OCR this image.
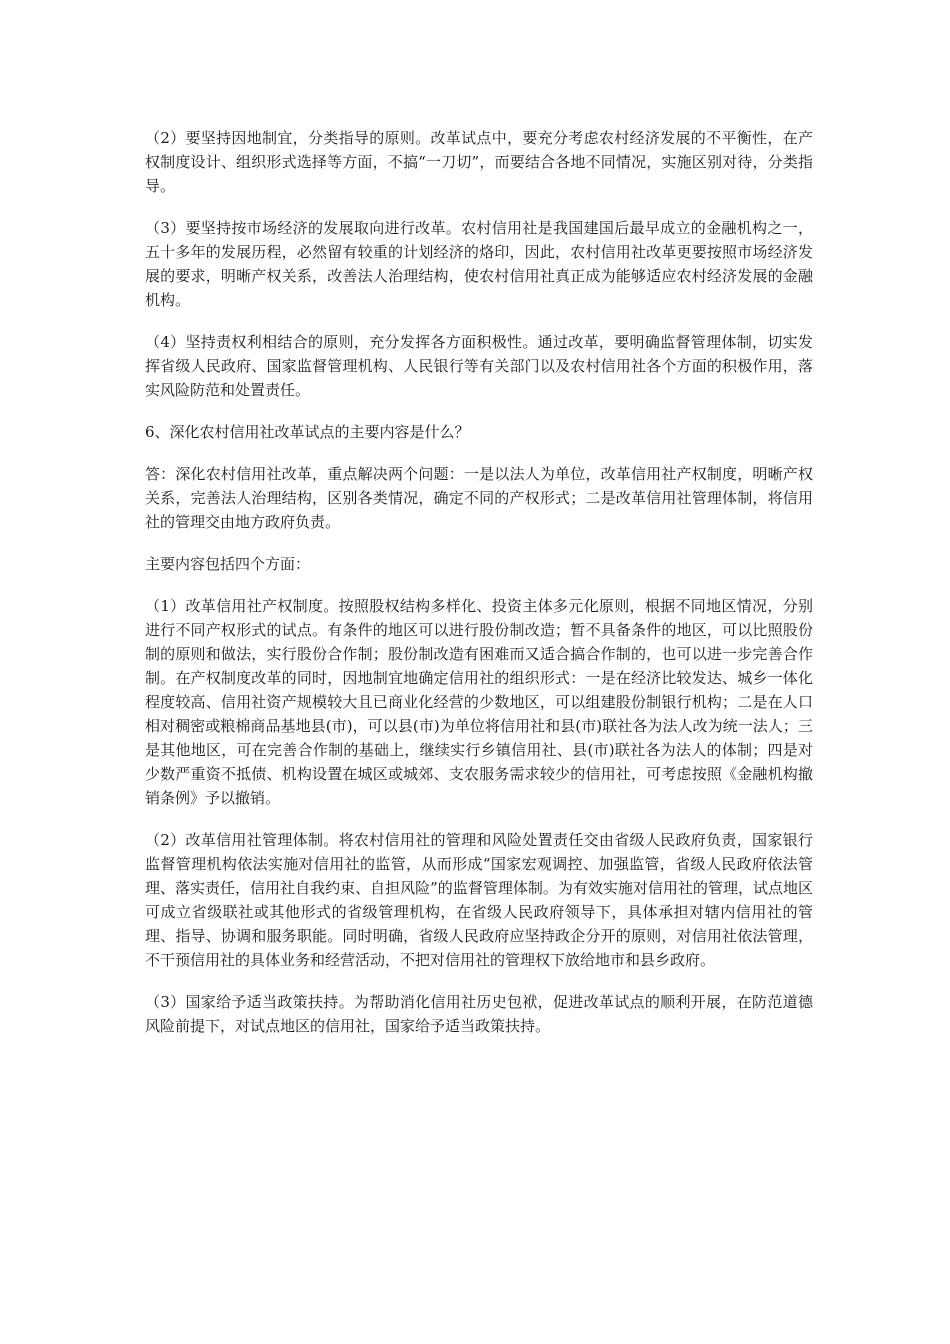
（2）要坚持因地制宜，分类指导的原则。改革试点中，要充分考虑农村经济发展的不平衡性，在产权制度设计、组织形式选择等方面，不搞“一刀切”，而要结合各地不同情况，实施区别对待，分类指导。

（3）要坚持按市场经济的发展取向进行改革。农村信用社是我国建国后最早成立的金融机构之一，五十多年的发展历程，必然留有较重的计划经济的烙印，因此，农村信用社改革更要按照市场经济发展的要求，明晰产权关系，改善法人治理结构，使农村信用社真正成为能够适应农村经济发展的金融机构。

（4）坚持责权利相结合的原则，充分发挥各方面积极性。通过改革，要明确监督管理体制，切实发挥省级人民政府、国家监督管理机构、人民银行等有关部门以及农村信用社各个方面的积极作用，落实风险防范和处置责任。

6、深化农村信用社改革试点的主要内容是什么？

答：深化农村信用社改革，重点解决两个问题：一是以法人为单位，改革信用社产权制度，明晰产权关系，完善法人治理结构，区别各类情况，确定不同的产权形式；二是改革信用社管理体制，将信用社的管理交由地方政府负责。

主要内容包括四个方面：

（1）改革信用社产权制度。按照股权结构多样化、投资主体多元化原则，根据不同地区情况，分别进行不同产权形式的试点。有条件的地区可以进行股份制改造；暂不具备条件的地区，可以比照股份制的原则和做法，实行股份合作制；股份制改造有困难而又适合搞合作制的，也可以进一步完善合作制。在产权制度改革的同时，因地制宜地确定信用社的组织形式：一是在经济比较发达、城乡一体化程度较高、信用社资产规模较大且已商业化经营的少数地区，可以组建股份制银行机构；二是在人口相对稠密或粮棉商品基地县(市)，可以县(市)为单位将信用社和县(市)联社各为法人改为统一法人；三是其他地区，可在完善合作制的基础上，继续实行乡镇信用社、县(市)联社各为法人的体制；四是对少数严重资不抵债、机构设置在城区或城郊、支农服务需求较少的信用社，可考虑按照《金融机构撤销条例》予以撤销。

（2）改革信用社管理体制。将农村信用社的管理和风险处置责任交由省级人民政府负责，国家银行监督管理机构依法实施对信用社的监管，从而形成“国家宏观调控、加强监管，省级人民政府依法管理、落实责任，信用社自我约束、自担风险”的监督管理体制。为有效实施对信用社的管理，试点地区可成立省级联社或其他形式的省级管理机构，在省级人民政府领导下，具体承担对辖内信用社的管理、指导、协调和服务职能。同时明确，省级人民政府应坚持政企分开的原则，对信用社依法管理，不干预信用社的具体业务和经营活动，不把对信用社的管理权下放给地市和县乡政府。

（3）国家给予适当政策扶持。为帮助消化信用社历史包袱，促进改革试点的顺利开展，在防范道德风险前提下，对试点地区的信用社，国家给予适当政策扶持。
